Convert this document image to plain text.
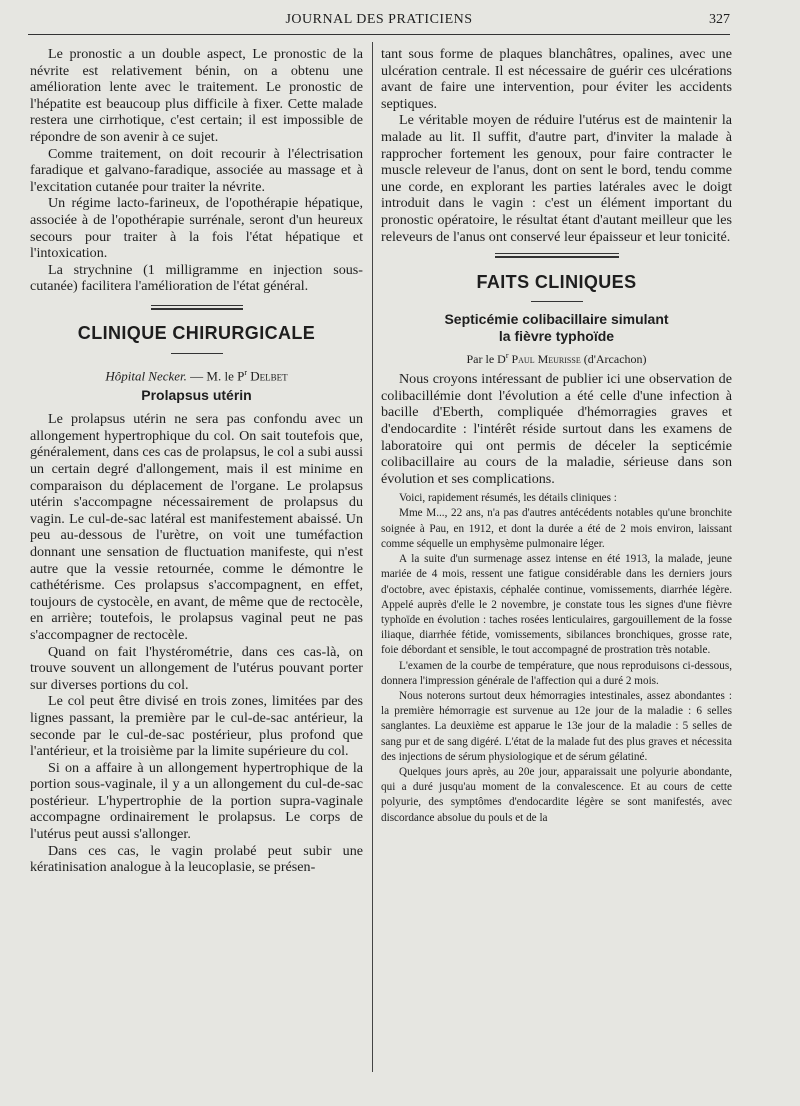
JOURNAL DES PRATICIENS	327

Le pronostic a un double aspect, Le pronostic de la névrite est relativement bénin, on a obtenu une amélioration lente avec le traitement. Le pronostic de l'hépatite est beaucoup plus difficile à fixer. Cette malade restera une cirrhotique, c'est certain; il est impossible de répondre de son avenir à ce sujet.

Comme traitement, on doit recourir à l'électrisation faradique et galvano-faradique, associée au massage et à l'excitation cutanée pour traiter la névrite.

Un régime lacto-farineux, de l'opothérapie hépatique, associée à de l'opothérapie surrénale, seront d'un heureux secours pour traiter à la fois l'état hépatique et l'intoxication.

La strychnine (1 milligramme en injection sous-cutanée) facilitera l'amélioration de l'état général.

CLINIQUE CHIRURGICALE
Hôpital Necker. — M. le $P^r$ Delbet
Prolapsus utérin

Le prolapsus utérin ne sera pas confondu avec un allongement hypertrophique du col. On sait toutefois que, généralement, dans ces cas de prolapsus, le col a subi aussi un certain degré d'allongement, mais il est minime en comparaison du déplacement de l'organe. Le prolapsus utérin s'accompagne nécessairement de prolapsus du vagin. Le cul-de-sac latéral est manifestement abaissé. Un peu au-dessous de l'urètre, on voit une tuméfaction donnant une sensation de fluctuation manifeste, qui n'est autre que la vessie retournée, comme le démontre le cathétérisme. Ces prolapsus s'accompagnent, en effet, toujours de cystocèle, en avant, de même que de rectocèle, en arrière; toutefois, le prolapsus vaginal peut ne pas s'accompagner de rectocèle.

Quand on fait l'hystérométrie, dans ces cas-là, on trouve souvent un allongement de l'utérus pouvant porter sur diverses portions du col.

Le col peut être divisé en trois zones, limitées par des lignes passant, la première par le cul-de-sac antérieur, la seconde par le cul-de-sac postérieur, plus profond que l'antérieur, et la troisième par la limite supérieure du col.

Si on a affaire à un allongement hypertrophique de la portion sous-vaginale, il y a un allongement du cul-de-sac postérieur. L'hypertrophie de la portion supra-vaginale accompagne ordinairement le prolapsus. Le corps de l'utérus peut aussi s'allonger.

Dans ces cas, le vagin prolabé peut subir une kératinisation analogue à la leucoplasie, se présen-

tant sous forme de plaques blanchâtres, opalines, avec une ulcération centrale. Il est nécessaire de guérir ces ulcérations avant de faire une intervention, pour éviter les accidents septiques.

Le véritable moyen de réduire l'utérus est de maintenir la malade au lit. Il suffit, d'autre part, d'inviter la malade à rapprocher fortement les genoux, pour faire contracter le muscle releveur de l'anus, dont on sent le bord, tendu comme une corde, en explorant les parties latérales avec le doigt introduit dans le vagin : c'est un élément important du pronostic opératoire, le résultat étant d'autant meilleur que les releveurs de l'anus ont conservé leur épaisseur et leur tonicité.

FAITS CLINIQUES
Septicémie colibacillaire simulant
la fièvre typhoïde
Par le $D^r$ Paul Meurisse (d'Arcachon)

Nous croyons intéressant de publier ici une observation de colibacillémie dont l'évolution a été celle d'une infection à bacille d'Eberth, compliquée d'hémorragies graves et d'endocardite : l'intérêt réside surtout dans les examens de laboratoire qui ont permis de déceler la septicémie colibacillaire au cours de la maladie, sérieuse dans son évolution et ses complications.

Voici, rapidement résumés, les détails cliniques :

Mme M..., 22 ans, n'a pas d'autres antécédents notables qu'une bronchite soignée à Pau, en 1912, et dont la durée a été de 2 mois environ, laissant comme séquelle un emphysème pulmonaire léger.

A la suite d'un surmenage assez intense en été 1913, la malade, jeune mariée de 4 mois, ressent une fatigue considérable dans les derniers jours d'octobre, avec épistaxis, céphalée continue, vomissements, diarrhée légère. Appelé auprès d'elle le 2 novembre, je constate tous les signes d'une fièvre typhoïde en évolution : taches rosées lenticulaires, gargouillement de la fosse iliaque, diarrhée fétide, vomissements, sibilances bronchiques, grosse rate, foie débordant et sensible, le tout accompagné de prostration très notable.

L'examen de la courbe de température, que nous reproduisons ci-dessous, donnera l'impression générale de l'affection qui a duré 2 mois.

Nous noterons surtout deux hémorragies intestinales, assez abondantes : la première hémorragie est survenue au 12e jour de la maladie : 6 selles sanglantes. La deuxième est apparue le 13e jour de la maladie : 5 selles de sang pur et de sang digéré. L'état de la malade fut des plus graves et nécessita des injections de sérum physiologique et de sérum gélatiné.

Quelques jours après, au 20e jour, apparaissait une polyurie abondante, qui a duré jusqu'au moment de la convalescence. Et au cours de cette polyurie, des symptômes d'endocardite légère se sont manifestés, avec discordance absolue du pouls et de la
